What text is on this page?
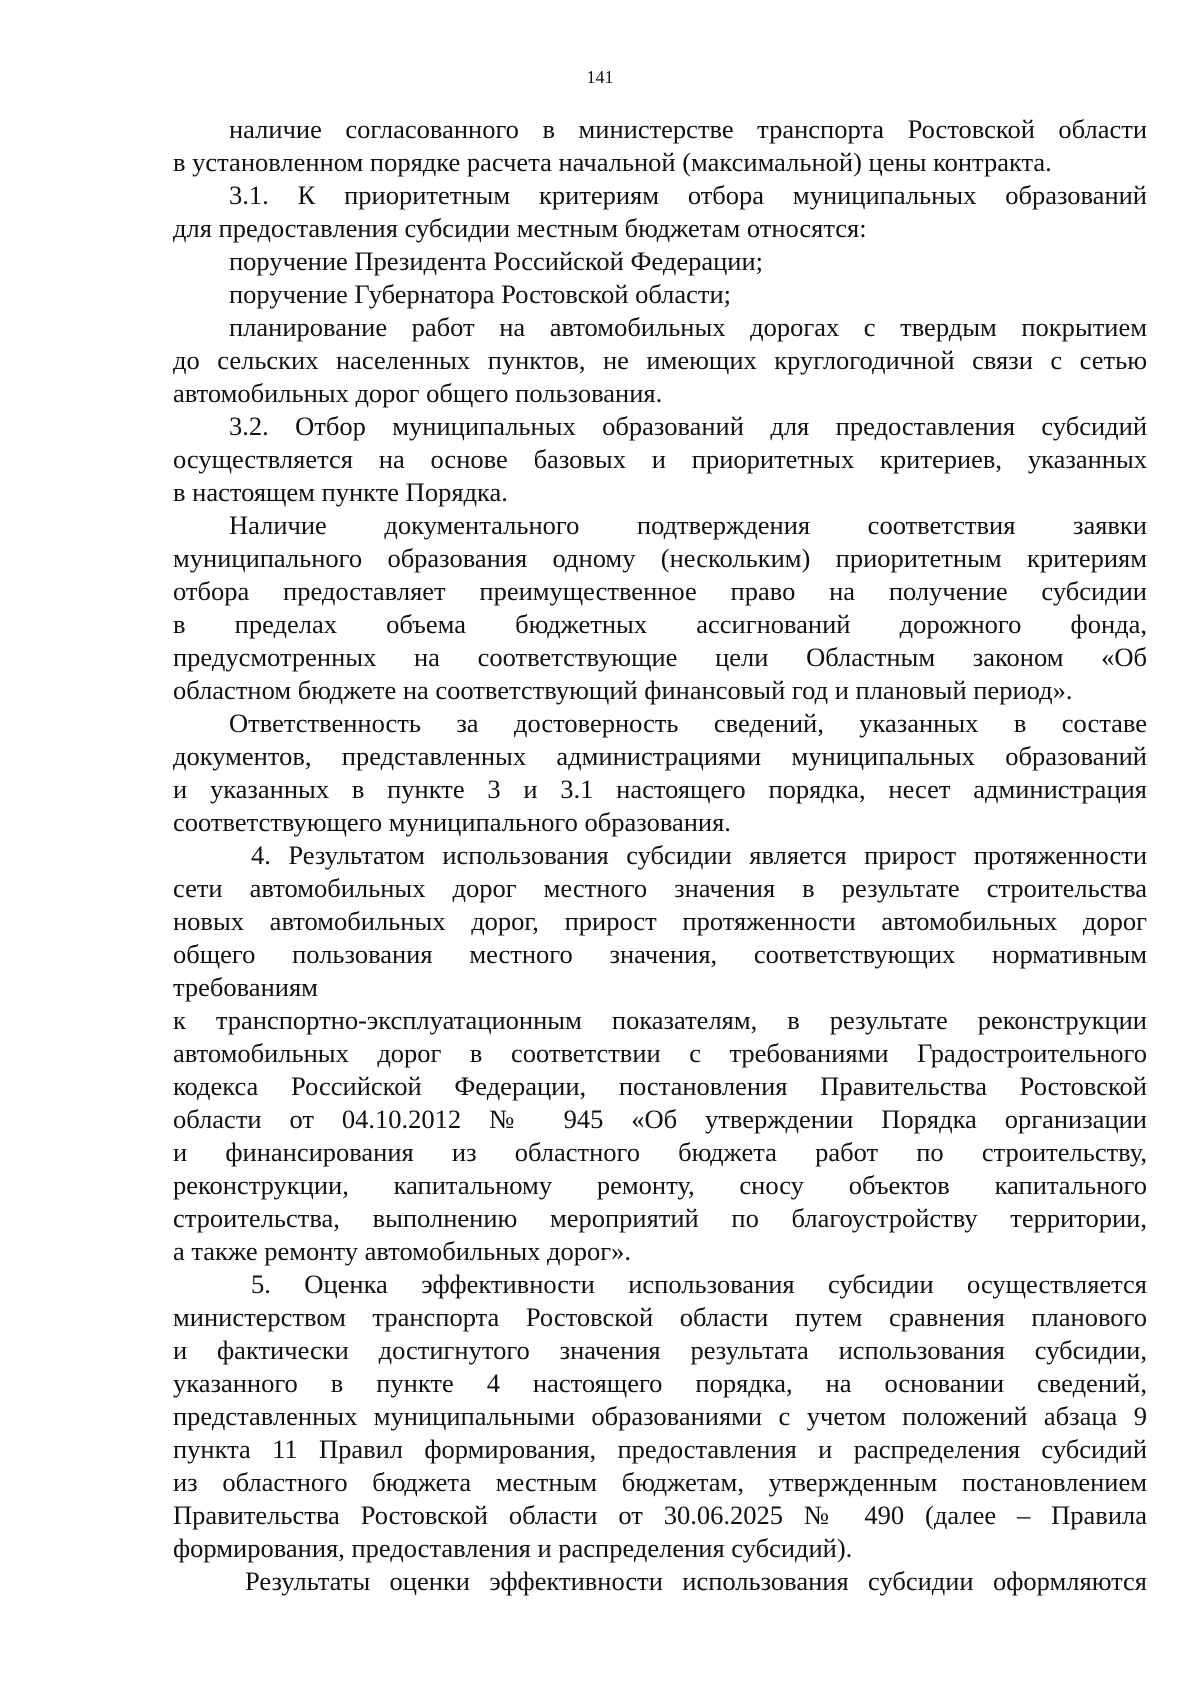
141
наличие согласованного в министерстве транспорта Ростовской области
в установленном порядке расчета начальной (максимальной) цены контракта.
3.1. К приоритетным критериям отбора муниципальных образований
для предоставления субсидии местным бюджетам относятся:
поручение Президента Российской Федерации;
поручение Губернатора Ростовской области;
планирование работ на автомобильных дорогах с твердым покрытием
до сельских населенных пунктов, не имеющих круглогодичной связи с сетью
автомобильных дорог общего пользования.
3.2. Отбор муниципальных образований для предоставления субсидий
осуществляется на основе базовых и приоритетных критериев, указанных
в настоящем пункте Порядка.
Наличие документального подтверждения соответствия заявки
муниципального образования одному (нескольким) приоритетным критериям
отбора предоставляет преимущественное право на получение субсидии
в пределах объема бюджетных ассигнований дорожного фонда,
предусмотренных на соответствующие цели Областным законом «Об
областном бюджете на соответствующий финансовый год и плановый период».
Ответственность за достоверность сведений, указанных в составе
документов, представленных администрациями муниципальных образований
и указанных в пункте 3 и 3.1 настоящего порядка, несет администрация
соответствующего муниципального образования.
4. Результатом использования субсидии является прирост протяженности
сети автомобильных дорог местного значения в результате строительства
новых автомобильных дорог, прирост протяженности автомобильных дорог
общего пользования местного значения, соответствующих нормативным
требованиям
к транспортно-эксплуатационным показателям, в результате реконструкции
автомобильных дорог в соответствии с требованиями Градостроительного
кодекса Российской Федерации, постановления Правительства Ростовской
области от 04.10.2012 № 945 «Об утверждении Порядка организации
и финансирования из областного бюджета работ по строительству,
реконструкции, капитальному ремонту, сносу объектов капитального
строительства, выполнению мероприятий по благоустройству территории,
а также ремонту автомобильных дорог».
5. Оценка эффективности использования субсидии осуществляется
министерством транспорта Ростовской области путем сравнения планового
и фактически достигнутого значения результата использования субсидии,
указанного в пункте 4 настоящего порядка, на основании сведений,
представленных муниципальными образованиями с учетом положений абзаца 9
пункта 11 Правил формирования, предоставления и распределения субсидий
из областного бюджета местным бюджетам, утвержденным постановлением
Правительства Ростовской области от 30.06.2025 № 490 (далее – Правила
формирования, предоставления и распределения субсидий).
Результаты оценки эффективности использования субсидии оформляются
